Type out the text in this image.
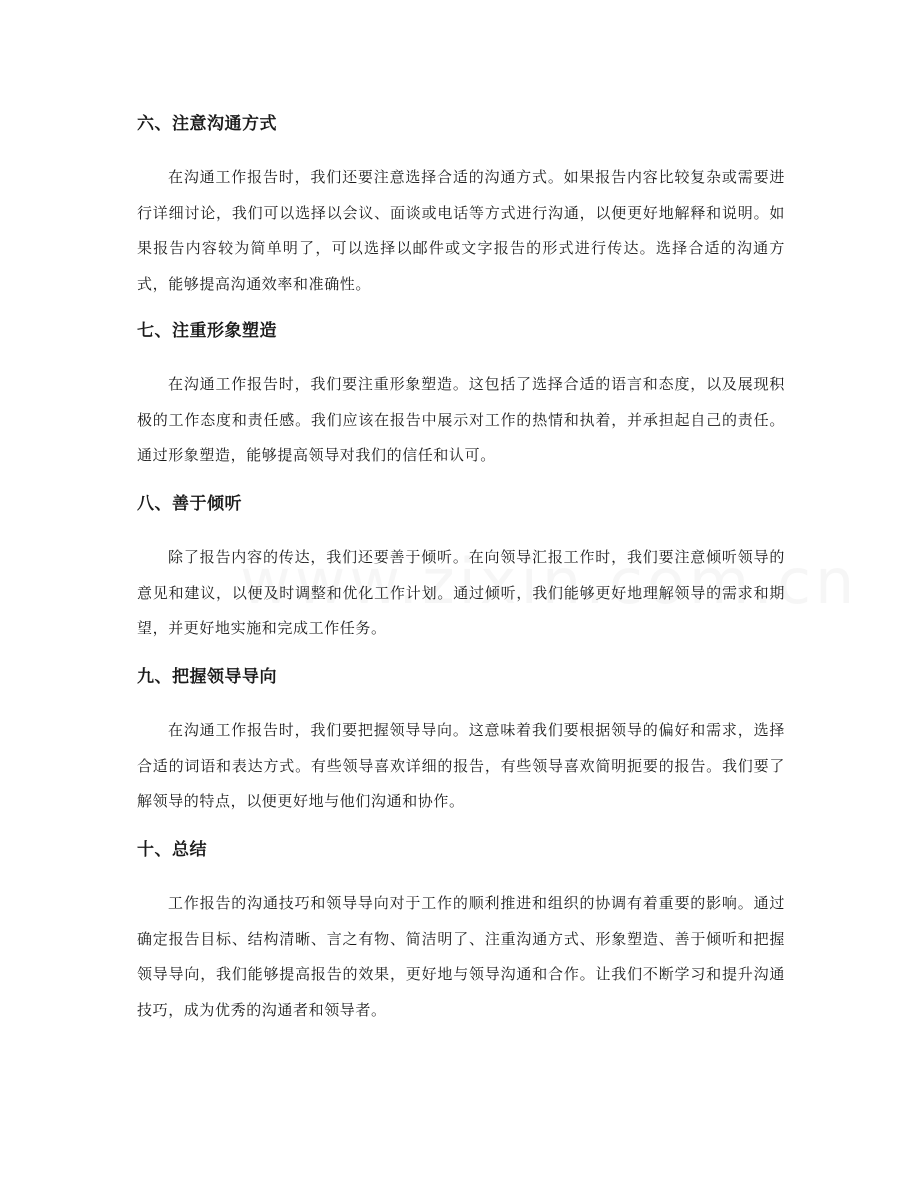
六、注意沟通方式

在沟通工作报告时，我们还要注意选择合适的沟通方式。如果报告内容比较复杂或需要进行详细讨论，我们可以选择以会议、面谈或电话等方式进行沟通，以便更好地解释和说明。如果报告内容较为简单明了，可以选择以邮件或文字报告的形式进行传达。选择合适的沟通方式，能够提高沟通效率和准确性。

七、注重形象塑造

在沟通工作报告时，我们要注重形象塑造。这包括了选择合适的语言和态度，以及展现积极的工作态度和责任感。我们应该在报告中展示对工作的热情和执着，并承担起自己的责任。通过形象塑造，能够提高领导对我们的信任和认可。

八、善于倾听

除了报告内容的传达，我们还要善于倾听。在向领导汇报工作时，我们要注意倾听领导的意见和建议，以便及时调整和优化工作计划。通过倾听，我们能够更好地理解领导的需求和期望，并更好地实施和完成工作任务。

九、把握领导导向

在沟通工作报告时，我们要把握领导导向。这意味着我们要根据领导的偏好和需求，选择合适的词语和表达方式。有些领导喜欢详细的报告，有些领导喜欢简明扼要的报告。我们要了解领导的特点，以便更好地与他们沟通和协作。

十、总结

工作报告的沟通技巧和领导导向对于工作的顺利推进和组织的协调有着重要的影响。通过确定报告目标、结构清晰、言之有物、简洁明了、注重沟通方式、形象塑造、善于倾听和把握领导导向，我们能够提高报告的效果，更好地与领导沟通和合作。让我们不断学习和提升沟通技巧，成为优秀的沟通者和领导者。
